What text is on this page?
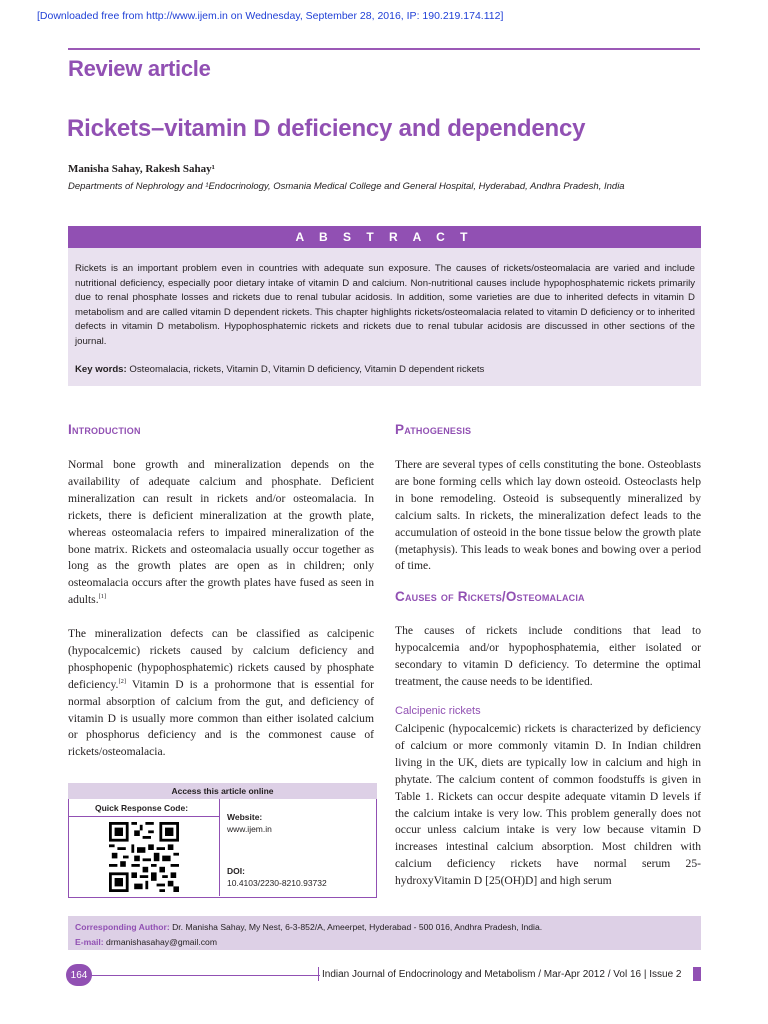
[Downloaded free from http://www.ijem.in on Wednesday, September 28, 2016, IP: 190.219.174.112]
Review article
Rickets–vitamin D deficiency and dependency
Manisha Sahay, Rakesh Sahay¹
Departments of Nephrology and ¹Endocrinology, Osmania Medical College and General Hospital, Hyderabad, Andhra Pradesh, India
A B S T R A C T
Rickets is an important problem even in countries with adequate sun exposure. The causes of rickets/osteomalacia are varied and include nutritional deficiency, especially poor dietary intake of vitamin D and calcium. Non-nutritional causes include hypophosphatemic rickets primarily due to renal phosphate losses and rickets due to renal tubular acidosis. In addition, some varieties are due to inherited defects in vitamin D metabolism and are called vitamin D dependent rickets. This chapter highlights rickets/osteomalacia related to vitamin D deficiency or to inherited defects in vitamin D metabolism. Hypophosphatemic rickets and rickets due to renal tubular acidosis are discussed in other sections of the journal.
Key words: Osteomalacia, rickets, Vitamin D, Vitamin D deficiency, Vitamin D dependent rickets
Introduction
Normal bone growth and mineralization depends on the availability of adequate calcium and phosphate. Deficient mineralization can result in rickets and/or osteomalacia. In rickets, there is deficient mineralization at the growth plate, whereas osteomalacia refers to impaired mineralization of the bone matrix. Rickets and osteomalacia usually occur together as long as the growth plates are open as in children; only osteomalacia occurs after the growth plates have fused as seen in adults.[1]
The mineralization defects can be classified as calcipenic (hypocalcemic) rickets caused by calcium deficiency and phosphopenic (hypophosphatemic) rickets caused by phosphate deficiency.[2] Vitamin D is a prohormone that is essential for normal absorption of calcium from the gut, and deficiency of vitamin D is usually more common than either isolated calcium or phosphorus deficiency and is the commonest cause of rickets/osteomalacia.
Access this article online
Quick Response Code:
Website:
www.ijem.in
DOI:
10.4103/2230-8210.93732
Pathogenesis
There are several types of cells constituting the bone. Osteoblasts are bone forming cells which lay down osteoid. Osteoclasts help in bone remodeling. Osteoid is subsequently mineralized by calcium salts. In rickets, the mineralization defect leads to the accumulation of osteoid in the bone tissue below the growth plate (metaphysis). This leads to weak bones and bowing over a period of time.
Causes of Rickets/Osteomalacia
The causes of rickets include conditions that lead to hypocalcemia and/or hypophosphatemia, either isolated or secondary to vitamin D deficiency. To determine the optimal treatment, the cause needs to be identified.
Calcipenic rickets
Calcipenic (hypocalcemic) rickets is characterized by deficiency of calcium or more commonly vitamin D. In Indian children living in the UK, diets are typically low in calcium and high in phytate. The calcium content of common foodstuffs is given in Table 1. Rickets can occur despite adequate vitamin D levels if the calcium intake is very low. This problem generally does not occur unless calcium intake is very low because vitamin D increases intestinal calcium absorption. Most children with calcium deficiency rickets have normal serum 25-hydroxyVitamin D [25(OH)D] and high serum
Corresponding Author: Dr. Manisha Sahay, My Nest, 6-3-852/A, Ameerpet, Hyderabad - 500 016, Andhra Pradesh, India.
E-mail: drmanishasahay@gmail.com
164	Indian Journal of Endocrinology and Metabolism / Mar-Apr 2012 / Vol 16 | Issue 2
